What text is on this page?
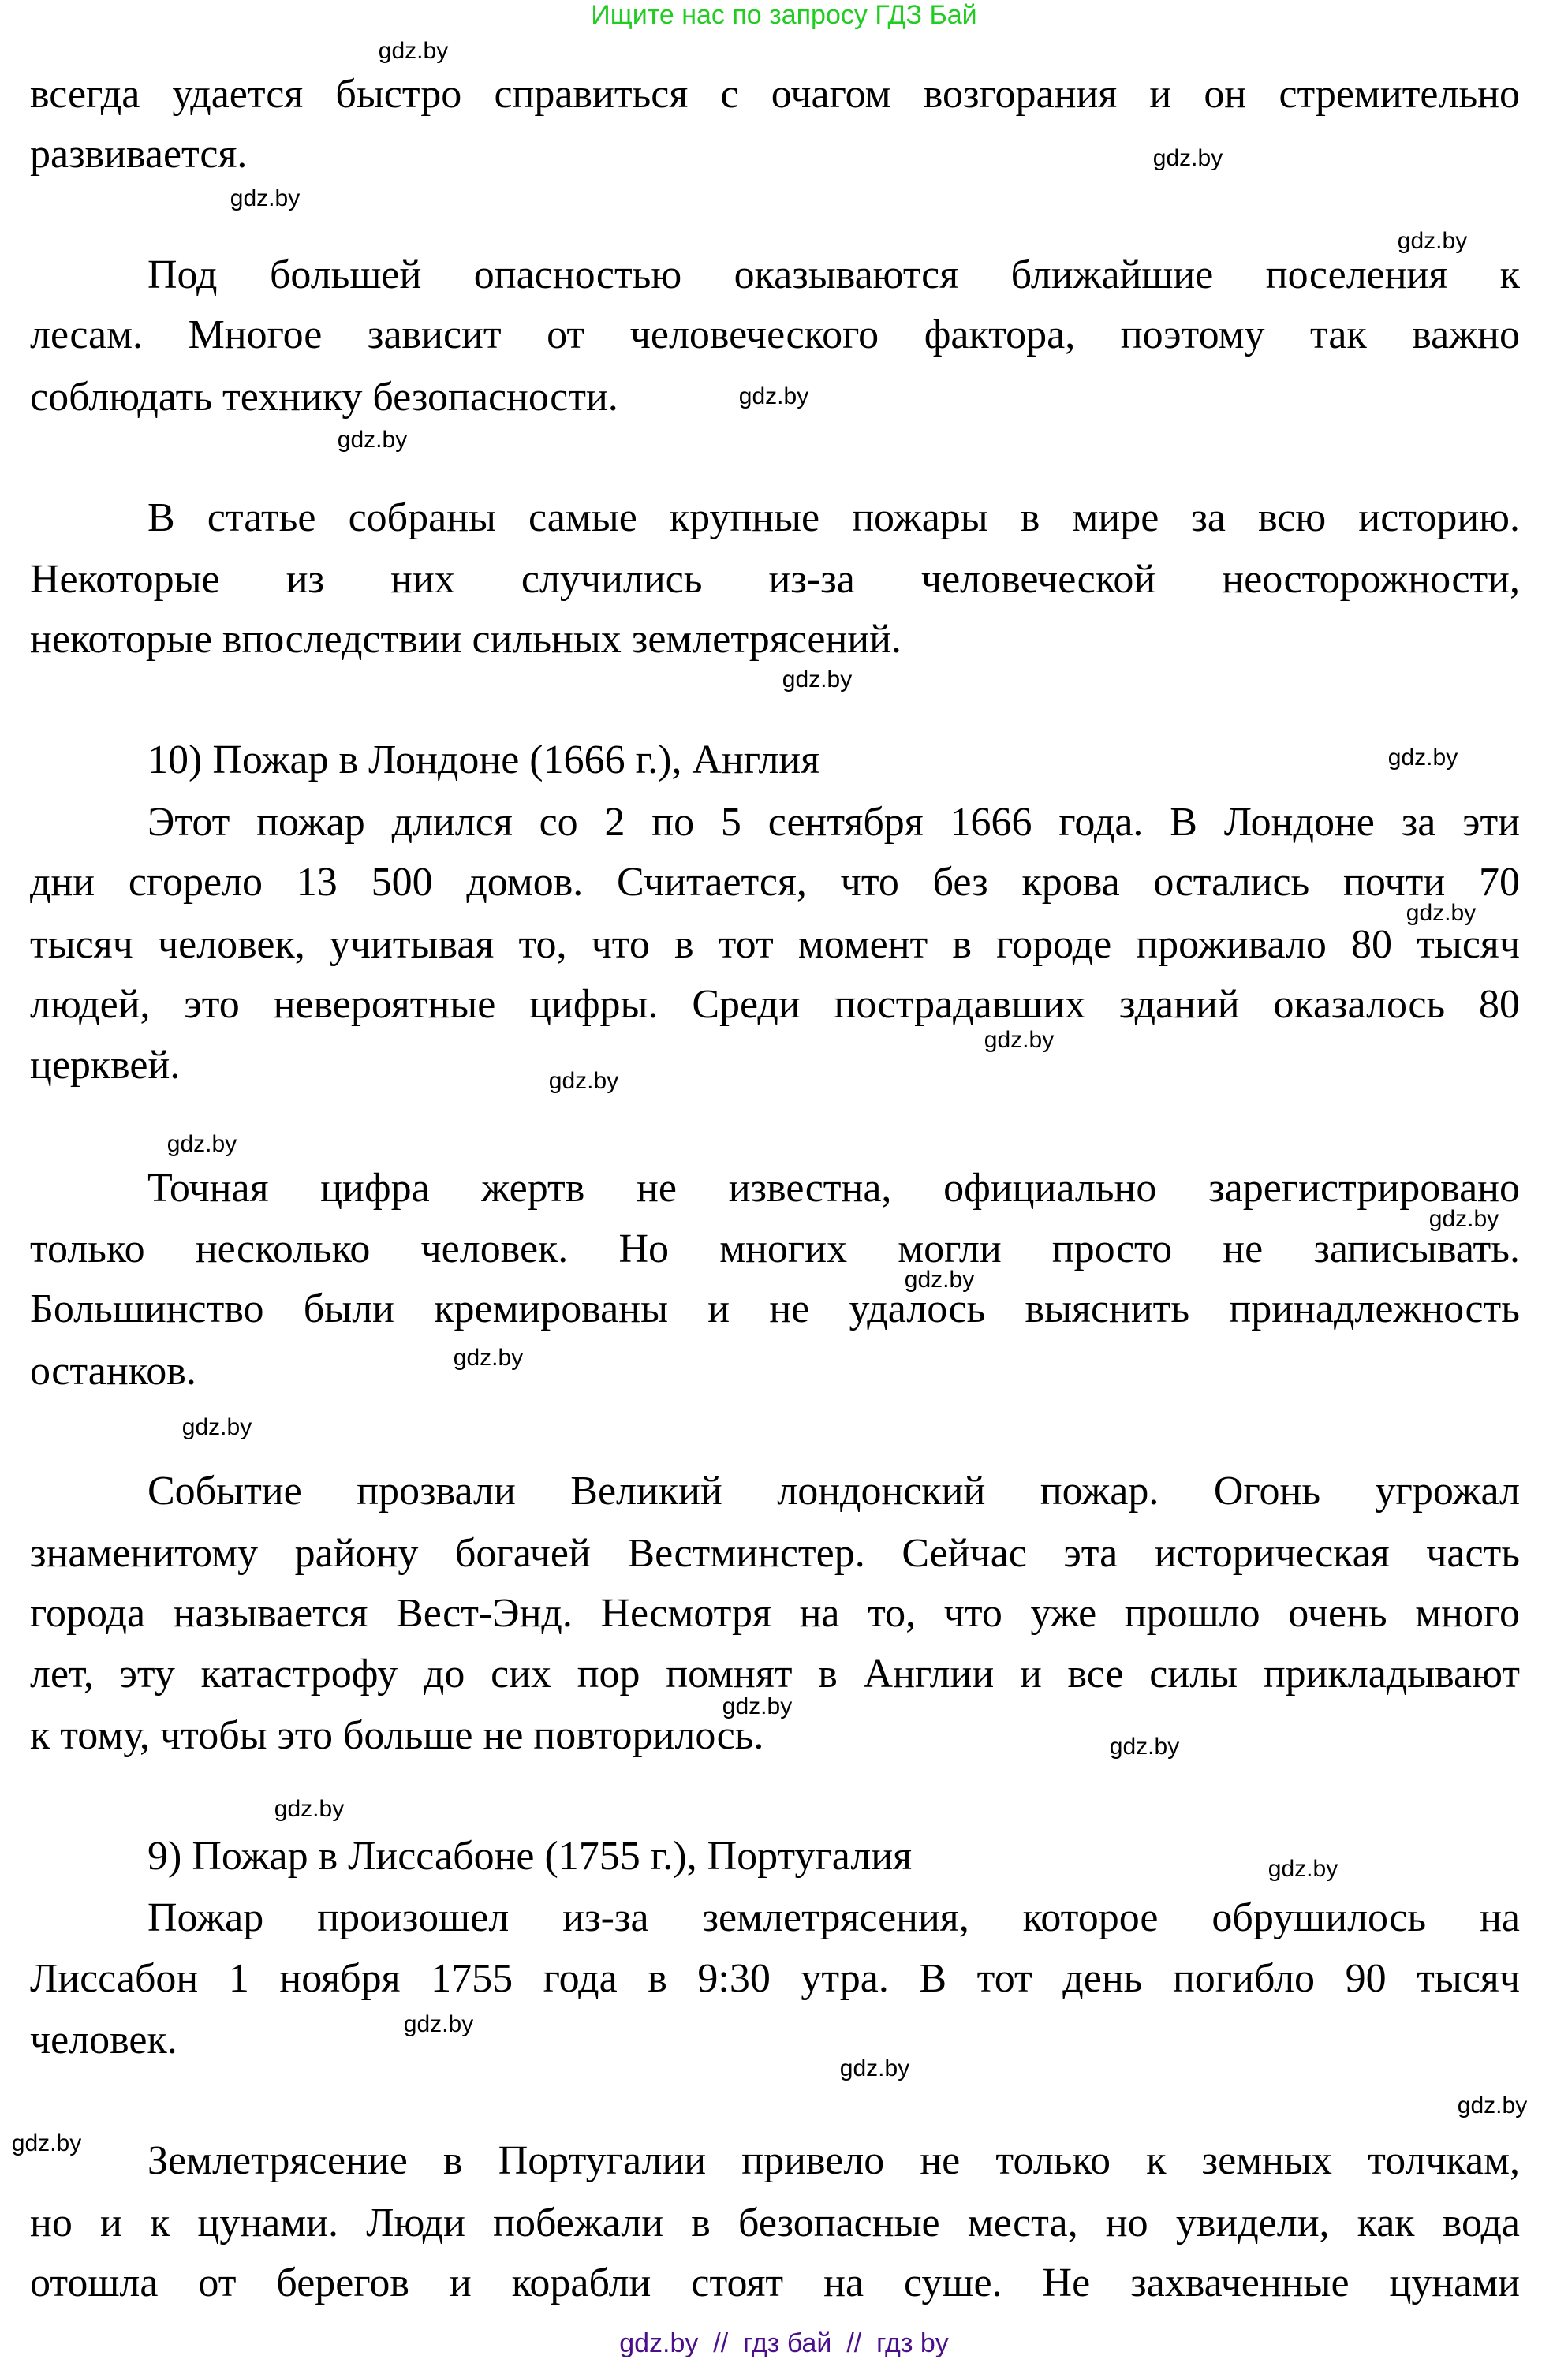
Ищите нас по запросу ГДЗ Бай
всегда удается быстро справиться с очагом возгорания и он стремительно
развивается.
Под большей опасностью оказываются ближайшие поселения к
лесам. Многое зависит от человеческого фактора, поэтому так важно
соблюдать технику безопасности.
В статье собраны самые крупные пожары в мире за всю историю.
Некоторые из них случились из-за человеческой неосторожности,
некоторые впоследствии сильных землетрясений.
10) Пожар в Лондоне (1666 г.), Англия
Этот пожар длился со 2 по 5 сентября 1666 года. В Лондоне за эти
дни сгорело 13 500 домов. Считается, что без крова остались почти 70
тысяч человек, учитывая то, что в тот момент в городе проживало 80 тысяч
людей, это невероятные цифры. Среди пострадавших зданий оказалось 80
церквей.
Точная цифра жертв не известна, официально зарегистрировано
только несколько человек. Но многих могли просто не записывать.
Большинство были кремированы и не удалось выяснить принадлежность
останков.
Событие прозвали Великий лондонский пожар. Огонь угрожал
знаменитому району богачей Вестминстер. Сейчас эта историческая часть
города называется Вест-Энд. Несмотря на то, что уже прошло очень много
лет, эту катастрофу до сих пор помнят в Англии и все силы прикладывают
к тому, чтобы это больше не повторилось.
9) Пожар в Лиссабоне (1755 г.), Португалия
Пожар произошел из-за землетрясения, которое обрушилось на
Лиссабон 1 ноября 1755 года в 9:30 утра. В тот день погибло 90 тысяч
человек.
Землетрясение в Португалии привело не только к земных толчкам,
но и к цунами. Люди побежали в безопасные места, но увидели, как вода
отошла от берегов и корабли стоят на суше. Не захваченные цунами
gdz.by
gdz.by
gdz.by
gdz.by
gdz.by
gdz.by
gdz.by
gdz.by
gdz.by
gdz.by
gdz.by
gdz.by
gdz.by
gdz.by
gdz.by
gdz.by
gdz.by
gdz.by
gdz.by
gdz.by
gdz.by
gdz.by
gdz.by
gdz.by
gdz.by  //  гдз бай  //  гдз by
